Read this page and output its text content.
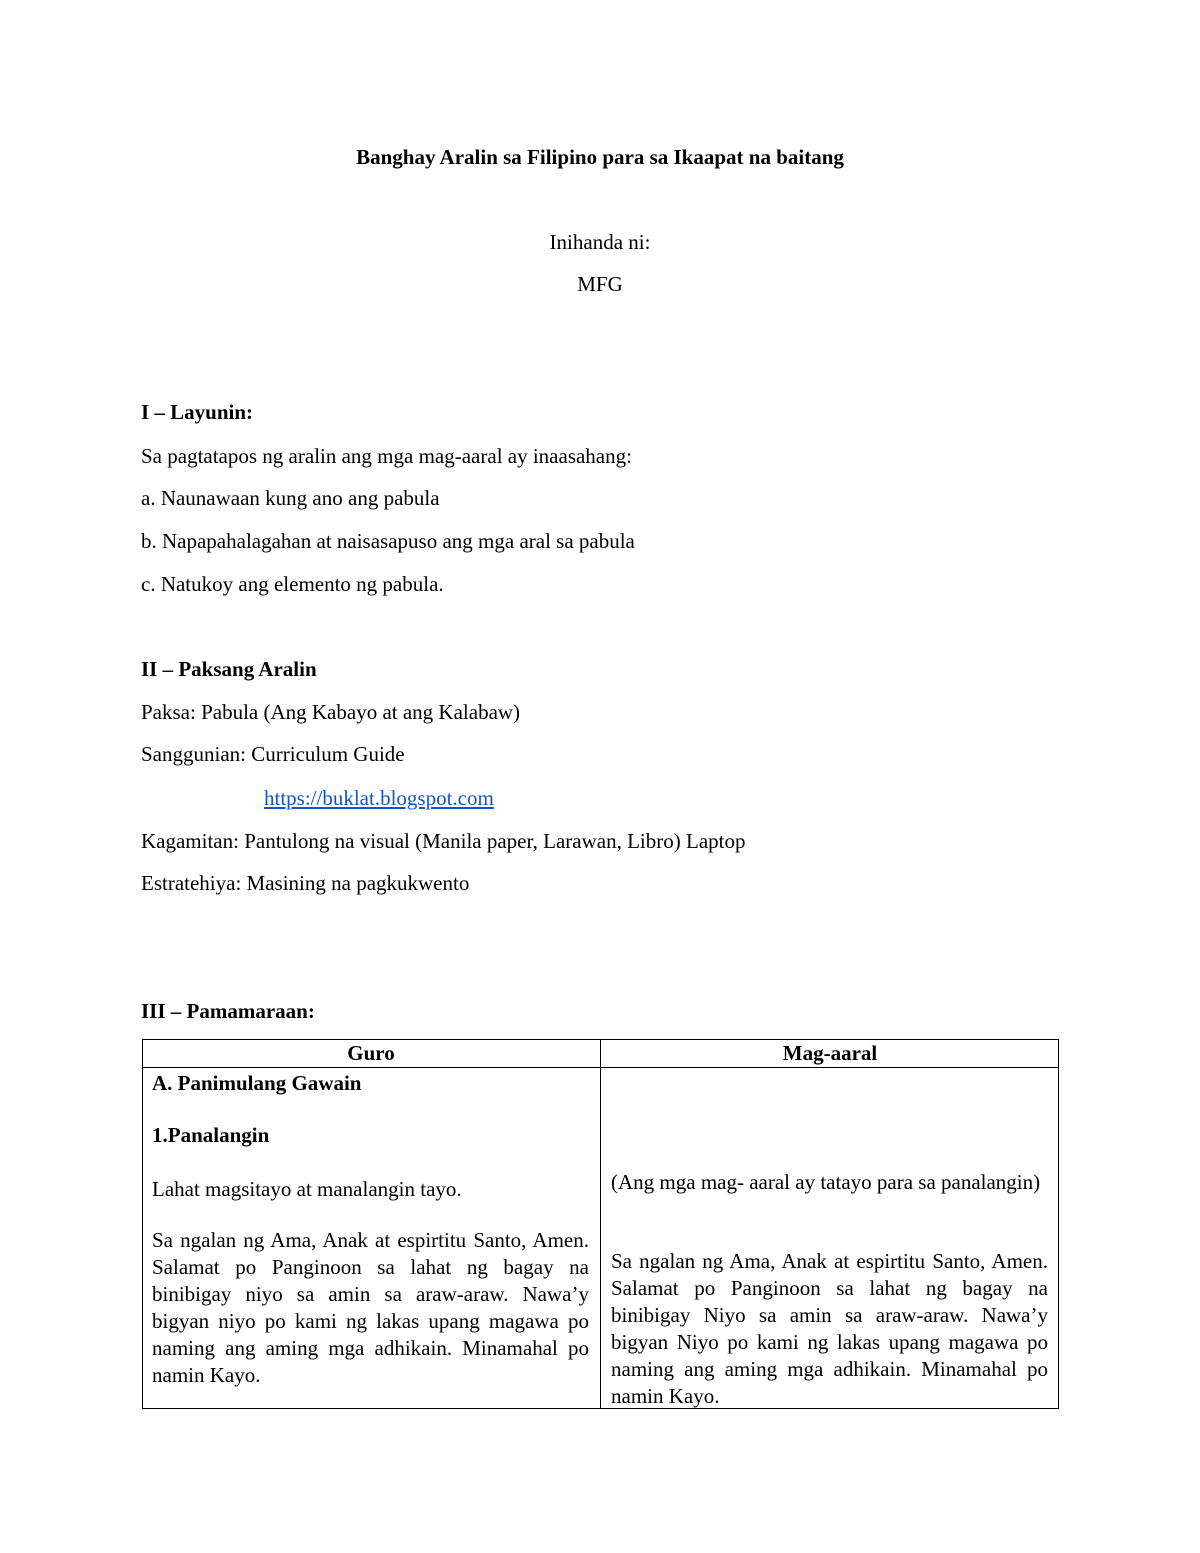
Banghay Aralin sa Filipino para sa Ikaapat na baitang
Inihanda ni:
MFG
I – Layunin:
Sa pagtatapos ng aralin ang mga mag-aaral ay inaasahang:
a. Naunawaan kung ano ang pabula
b. Napapahalagahan at naisasapuso ang mga aral sa pabula
c. Natukoy ang elemento ng pabula.
II – Paksang Aralin
Paksa: Pabula (Ang Kabayo at ang Kalabaw)
Sanggunian: Curriculum Guide
https://buklat.blogspot.com
Kagamitan: Pantulong na visual (Manila paper, Larawan, Libro) Laptop
Estratehiya: Masining na pagkukwento
III – Pamamaraan:
Guro	Mag-aaral
A. Panimulang Gawain
1.Panalangin
Lahat magsitayo at manalangin tayo.
Sa ngalan ng Ama, Anak at espirtitu Santo, Amen. Salamat po Panginoon sa lahat ng bagay na binibigay niyo sa amin sa araw-araw. Nawa’y bigyan niyo po kami ng lakas upang magawa po naming ang aming mga adhikain. Minamahal po namin Kayo.
(Ang mga mag- aaral ay tatayo para sa panalangin)
Sa ngalan ng Ama, Anak at espirtitu Santo, Amen. Salamat po Panginoon sa lahat ng bagay na binibigay Niyo sa amin sa araw-araw. Nawa’y bigyan Niyo po kami ng lakas upang magawa po naming ang aming mga adhikain. Minamahal po namin Kayo.
